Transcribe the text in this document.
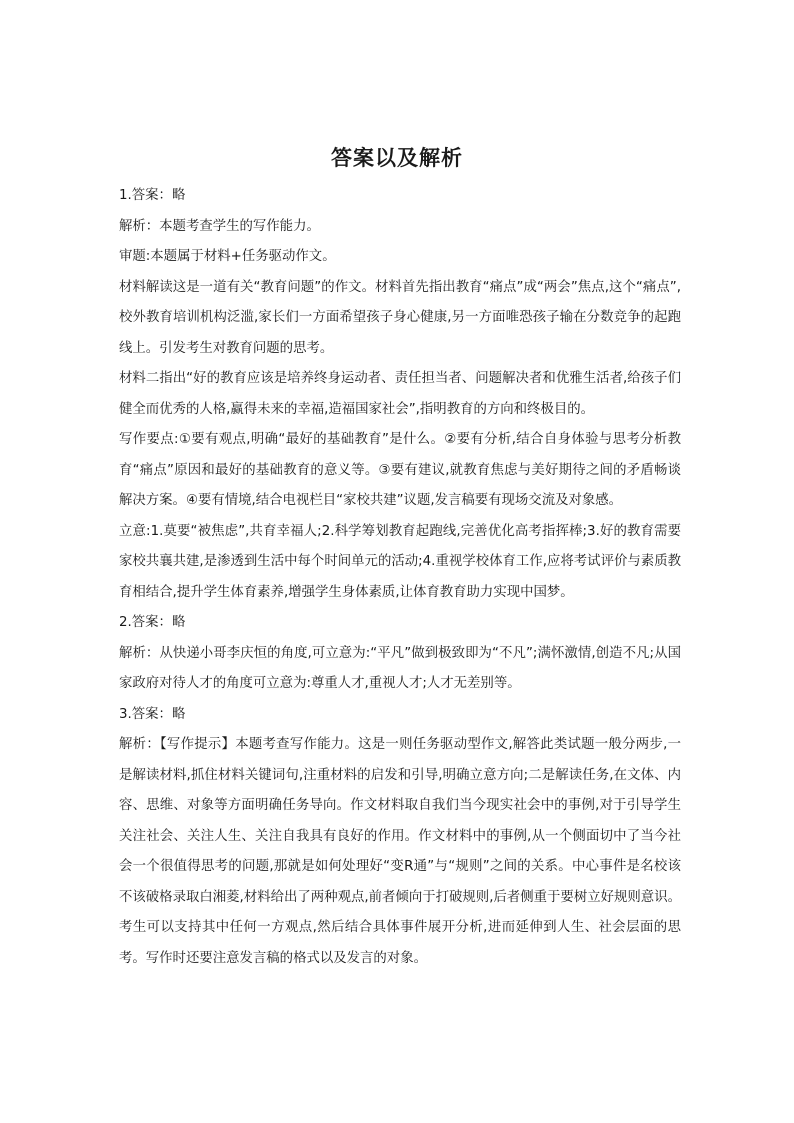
答案以及解析

1.答案：略

解析：本题考查学生的写作能力。

审题:本题属于材料+任务驱动作文。

材料解读这是一道有关“教育问题”的作文。材料首先指出教育“痛点”成“两会”焦点,这个“痛点”,校外教育培训机构泛滥,家长们一方面希望孩子身心健康,另一方面唯恐孩子输在分数竞争的起跑线上。引发考生对教育问题的思考。

材料二指出“好的教育应该是培养终身运动者、责任担当者、问题解决者和优雅生活者,给孩子们健全而优秀的人格,赢得未来的幸福,造福国家社会”,指明教育的方向和终极目的。

写作要点:①要有观点,明确“最好的基础教育”是什么。②要有分析,结合自身体验与思考分析教育“痛点”原因和最好的基础教育的意义等。③要有建议,就教育焦虑与美好期待之间的矛盾畅谈解决方案。④要有情境,结合电视栏目“家校共建”议题,发言稿要有现场交流及对象感。

立意:1.莫要“被焦虑”,共育幸福人;2.科学筹划教育起跑线,完善优化高考指挥棒;3.好的教育需要家校共襄共建,是渗透到生活中每个时间单元的活动;4.重视学校体育工作,应将考试评价与素质教育相结合,提升学生体育素养,增强学生身体素质,让体育教育助力实现中国梦。

2.答案：略

解析：从快递小哥李庆恒的角度,可立意为:“平凡”做到极致即为“不凡”;满怀激情,创造不凡;从国家政府对待人才的角度可立意为:尊重人才,重视人才;人才无差别等。

3.答案：略

解析：【写作提示】本题考查写作能力。这是一则任务驱动型作文,解答此类试题一般分两步,一是解读材料,抓住材料关键词句,注重材料的启发和引导,明确立意方向;二是解读任务,在文体、内容、思维、对象等方面明确任务导向。作文材料取自我们当今现实社会中的事例,对于引导学生关注社会、关注人生、关注自我具有良好的作用。作文材料中的事例,从一个侧面切中了当今社会一个很值得思考的问题,那就是如何处理好“变R通”与“规则”之间的关系。中心事件是名校该不该破格录取白湘菱,材料给出了两种观点,前者倾向于打破规则,后者侧重于要树立好规则意识。考生可以支持其中任何一方观点,然后结合具体事件展开分析,进而延伸到人生、社会层面的思考。写作时还要注意发言稿的格式以及发言的对象。
